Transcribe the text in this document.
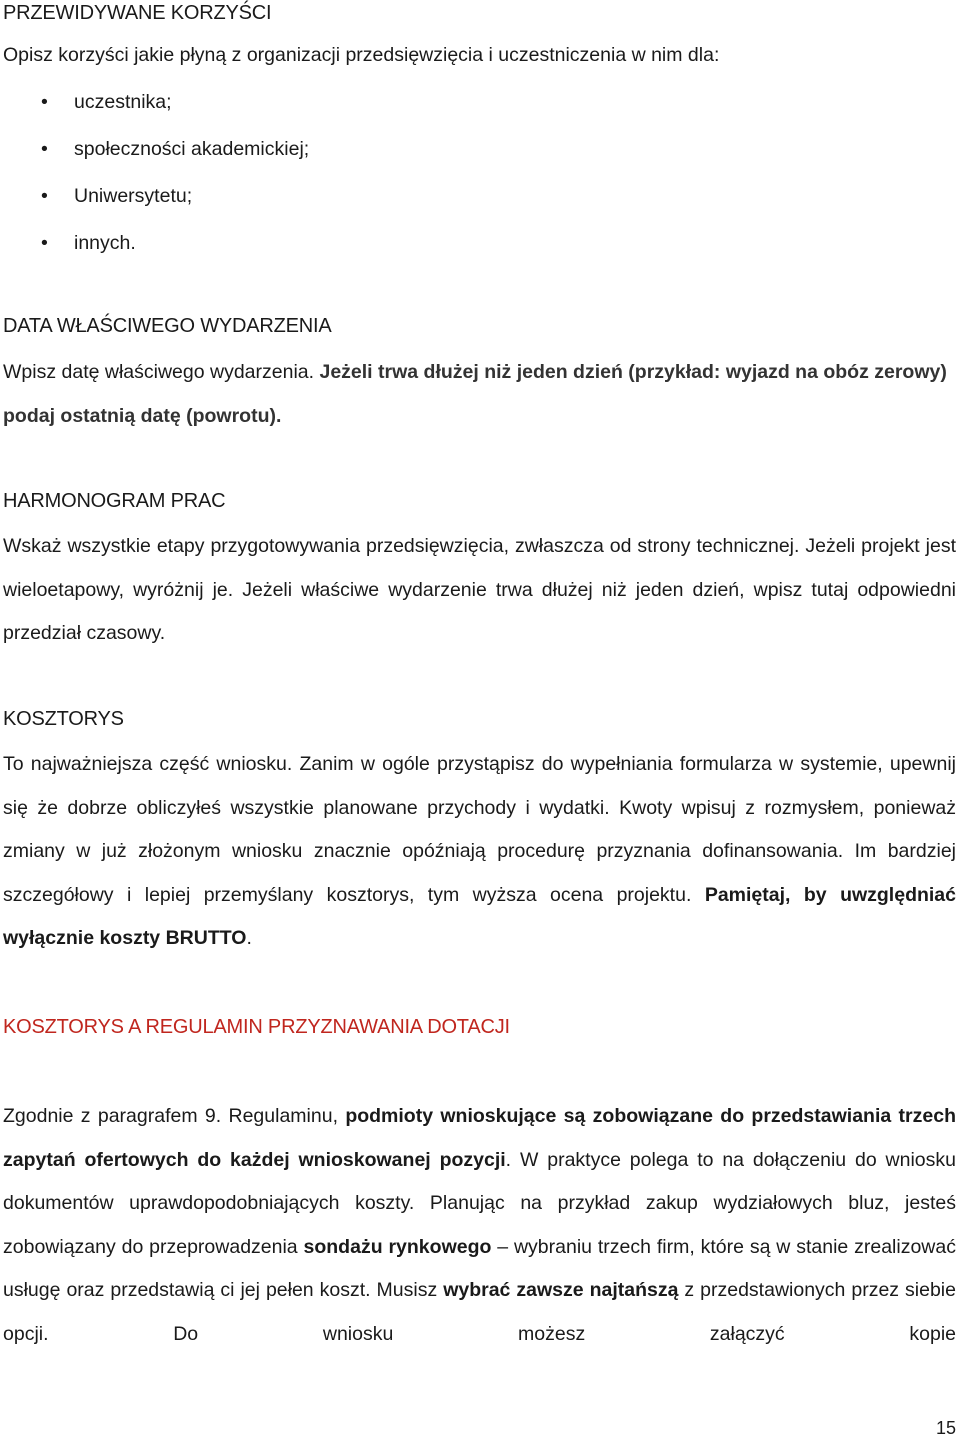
PRZEWIDYWANE KORZYŚCI
Opisz korzyści jakie płyną z organizacji przedsięwzięcia i uczestniczenia w nim dla:
• uczestnika;
• społeczności akademickiej;
• Uniwersytetu;
• innych.
DATA WŁAŚCIWEGO WYDARZENIA

Wpisz datę właściwego wydarzenia. Jeżeli trwa dłużej niż jeden dzień (przykład: wyjazd na obóz zerowy) podaj ostatnią datę (powrotu).

HARMONOGRAM PRAC

Wskaż wszystkie etapy przygotowywania przedsięwzięcia, zwłaszcza od strony technicznej. Jeżeli projekt jest wieloetapowy, wyróżnij je. Jeżeli właściwe wydarzenie trwa dłużej niż jeden dzień, wpisz tutaj odpowiedni przedział czasowy.

KOSZTORYS

To najważniejsza część wniosku. Zanim w ogóle przystąpisz do wypełniania formularza w systemie, upewnij się że dobrze obliczyłeś wszystkie planowane przychody i wydatki. Kwoty wpisuj z rozmysłem, ponieważ zmiany w już złożonym wniosku znacznie opóźniają procedurę przyznania dofinansowania. Im bardziej szczegółowy i lepiej przemyślany kosztorys, tym wyższa ocena projektu. Pamiętaj, by uwzględniać wyłącznie koszty BRUTTO.

KOSZTORYS A REGULAMIN PRZYZNAWANIA DOTACJI

Zgodnie z paragrafem 9. Regulaminu, podmioty wnioskujące są zobowiązane do przedstawiania trzech zapytań ofertowych do każdej wnioskowanej pozycji. W praktyce polega to na dołączeniu do wniosku dokumentów uprawdopodobniających koszty. Planując na przykład zakup wydziałowych bluz, jesteś zobowiązany do przeprowadzenia sondażu rynkowego – wybraniu trzech firm, które są w stanie zrealizować usługę oraz przedstawią ci jej pełen koszt. Musisz wybrać zawsze najtańszą z przedstawionych przez siebie opcji. Do wniosku możesz załączyć kopie

15
